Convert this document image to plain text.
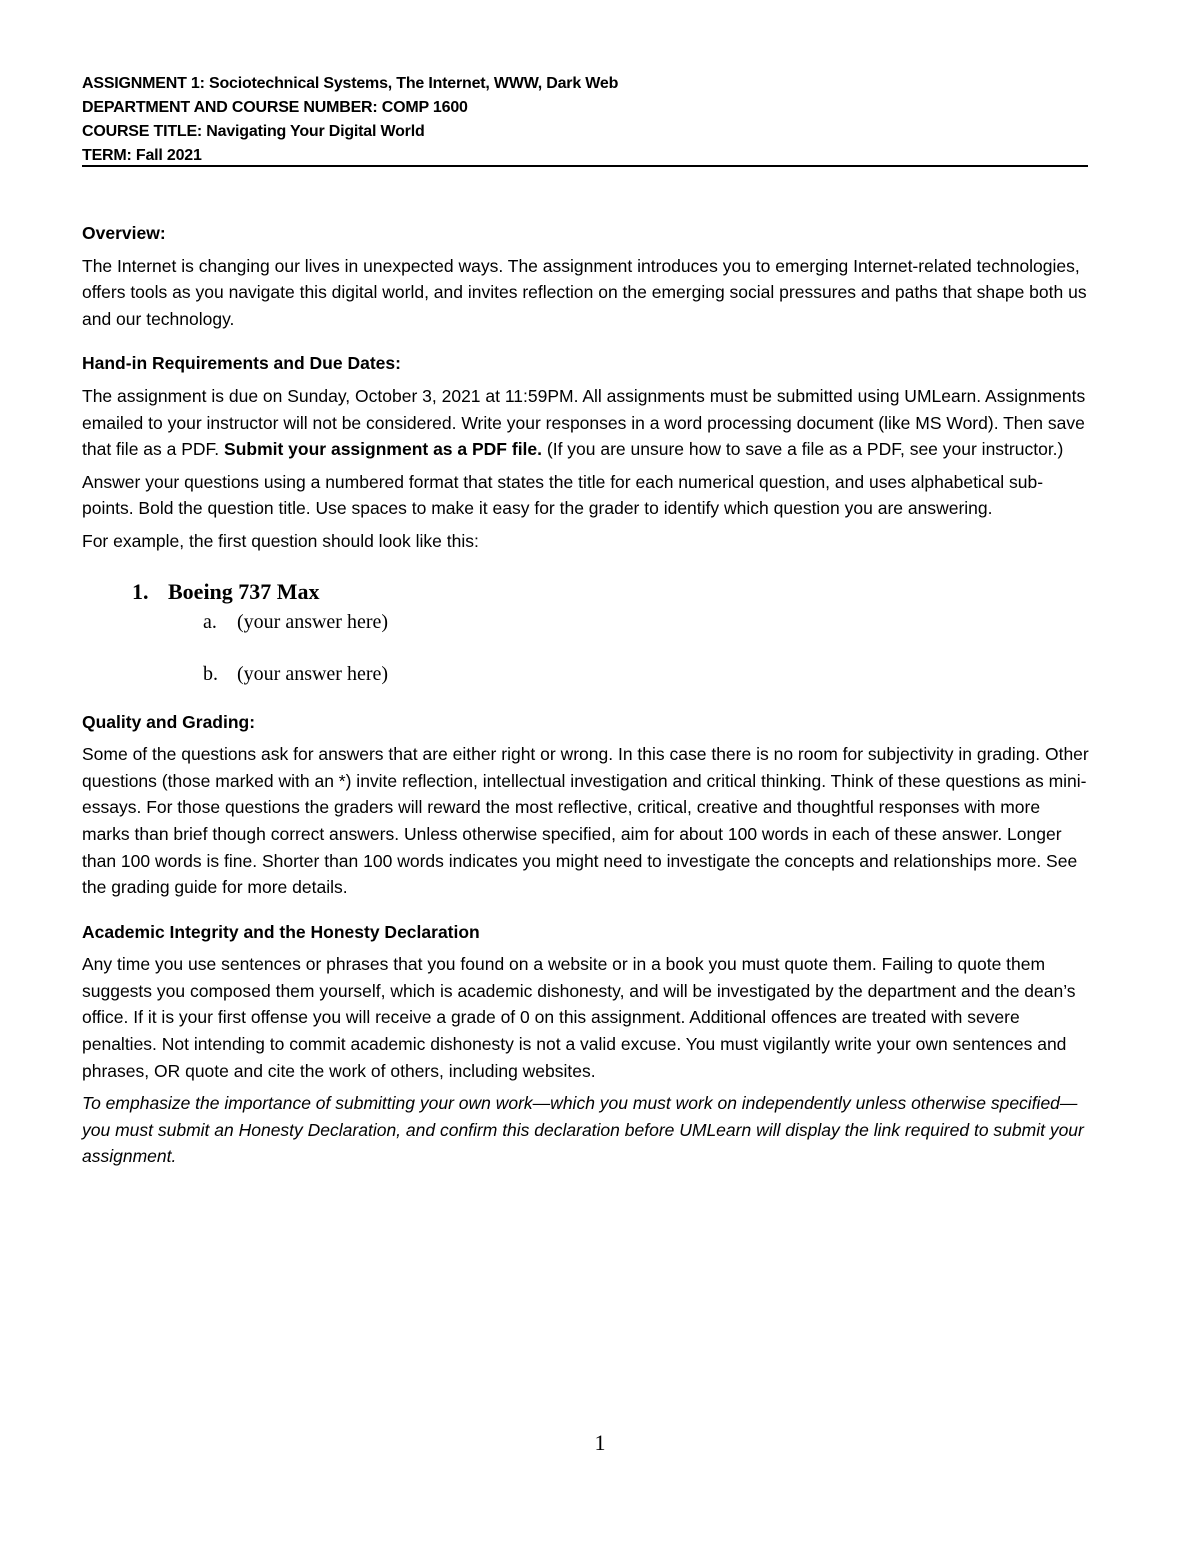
ASSIGNMENT 1: Sociotechnical Systems, The Internet, WWW, Dark Web
DEPARTMENT AND COURSE NUMBER: COMP 1600
COURSE TITLE: Navigating Your Digital World
TERM: Fall 2021

Overview:

The Internet is changing our lives in unexpected ways. The assignment introduces you to emerging Internet-related technologies, offers tools as you navigate this digital world, and invites reflection on the emerging social pressures and paths that shape both us and our technology.

Hand-in Requirements and Due Dates:

The assignment is due on Sunday, October 3, 2021 at 11:59PM. All assignments must be submitted using UMLearn. Assignments emailed to your instructor will not be considered. Write your responses in a word processing document (like MS Word). Then save that file as a PDF. Submit your assignment as a PDF file. (If you are unsure how to save a file as a PDF, see your instructor.)

Answer your questions using a numbered format that states the title for each numerical question, and uses alphabetical sub-points. Bold the question title. Use spaces to make it easy for the grader to identify which question you are answering.

For example, the first question should look like this:

1. Boeing 737 Max
a. (your answer here)
b. (your answer here)

Quality and Grading:

Some of the questions ask for answers that are either right or wrong. In this case there is no room for subjectivity in grading. Other questions (those marked with an *) invite reflection, intellectual investigation and critical thinking. Think of these questions as mini-essays. For those questions the graders will reward the most reflective, critical, creative and thoughtful responses with more marks than brief though correct answers. Unless otherwise specified, aim for about 100 words in each of these answer. Longer than 100 words is fine. Shorter than 100 words indicates you might need to investigate the concepts and relationships more. See the grading guide for more details.

Academic Integrity and the Honesty Declaration

Any time you use sentences or phrases that you found on a website or in a book you must quote them. Failing to quote them suggests you composed them yourself, which is academic dishonesty, and will be investigated by the department and the dean’s office. If it is your first offense you will receive a grade of 0 on this assignment. Additional offences are treated with severe penalties. Not intending to commit academic dishonesty is not a valid excuse. You must vigilantly write your own sentences and phrases, OR quote and cite the work of others, including websites.

To emphasize the importance of submitting your own work—which you must work on independently unless otherwise specified—you must submit an Honesty Declaration, and confirm this declaration before UMLearn will display the link required to submit your assignment.

1
